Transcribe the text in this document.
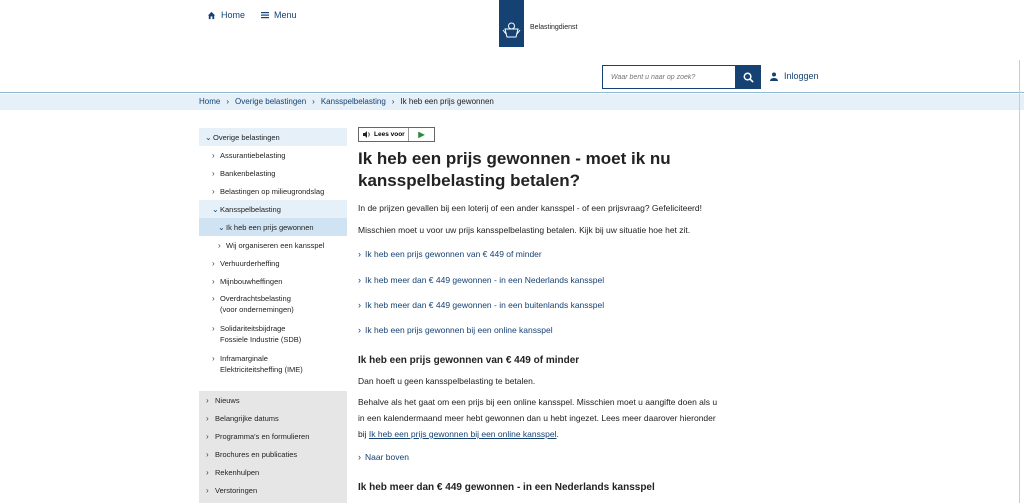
Belastingdienst
Home	Menu
Waar bent u naar op zoek?
Inloggen
Home › Overige belastingen › Kansspelbelasting › Ik heb een prijs gewonnen
⌄ Overige belastingen
› Assurantiebelasting
› Bankenbelasting
› Belastingen op milieugrondslag
⌄ Kansspelbelasting
⌄ Ik heb een prijs gewonnen
› Wij organiseren een kansspel
› Verhuurderheffing
› Mijnbouwheffingen
› Overdrachtsbelasting
(voor ondernemingen)
› Solidariteitsbijdrage
Fossiele Industrie (SDB)
› Inframarginale
Elektriciteitsheffing (IME)
› Nieuws
› Belangrijke datums
› Programma's en formulieren
› Brochures en publicaties
› Rekenhulpen
› Verstoringen
Lees voor	▶
Ik heb een prijs gewonnen - moet ik nu kansspelbelasting betalen?
In de prijzen gevallen bij een loterij of een ander kansspel - of een prijsvraag? Gefeliciteerd!
Misschien moet u voor uw prijs kansspelbelasting betalen. Kijk bij uw situatie hoe het zit.
› Ik heb een prijs gewonnen van € 449 of minder
› Ik heb meer dan € 449 gewonnen - in een Nederlands kansspel
› Ik heb meer dan € 449 gewonnen - in een buitenlands kansspel
› Ik heb een prijs gewonnen bij een online kansspel
Ik heb een prijs gewonnen van € 449 of minder
Dan hoeft u geen kansspelbelasting te betalen.
Behalve als het gaat om een prijs bij een online kansspel. Misschien moet u aangifte doen als u in een kalendermaand meer hebt gewonnen dan u hebt ingezet. Lees meer daarover hieronder bij Ik heb een prijs gewonnen bij een online kansspel.
› Naar boven
Ik heb meer dan € 449 gewonnen - in een Nederlands kansspel
